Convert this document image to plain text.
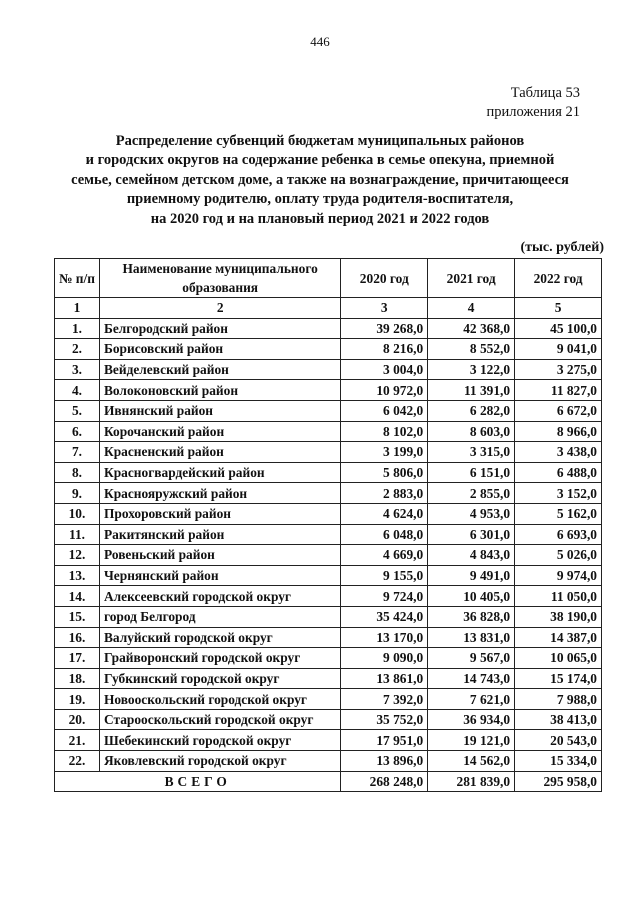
446
Таблица 53
приложения 21
Распределение субвенций бюджетам муниципальных районов
и городских округов на содержание ребенка в семье опекуна, приемной
семье, семейном детском доме, а также на вознаграждение, причитающееся
приемному родителю, оплату труда родителя-воспитателя,
на 2020 год и на плановый период 2021 и 2022 годов
(тыс. рублей)
№ п/п	Наименование муниципального образования	2020 год	2021 год	2022 год
1	2	3	4	5
1.	Белгородский район	39 268,0	42 368,0	45 100,0
2.	Борисовский район	8 216,0	8 552,0	9 041,0
3.	Вейделевский район	3 004,0	3 122,0	3 275,0
4.	Волоконовский район	10 972,0	11 391,0	11 827,0
5.	Ивнянский район	6 042,0	6 282,0	6 672,0
6.	Корочанский район	8 102,0	8 603,0	8 966,0
7.	Красненский район	3 199,0	3 315,0	3 438,0
8.	Красногвардейский район	5 806,0	6 151,0	6 488,0
9.	Краснояружский район	2 883,0	2 855,0	3 152,0
10.	Прохоровский район	4 624,0	4 953,0	5 162,0
11.	Ракитянский район	6 048,0	6 301,0	6 693,0
12.	Ровеньский район	4 669,0	4 843,0	5 026,0
13.	Чернянский район	9 155,0	9 491,0	9 974,0
14.	Алексеевский городской округ	9 724,0	10 405,0	11 050,0
15.	город Белгород	35 424,0	36 828,0	38 190,0
16.	Валуйский городской округ	13 170,0	13 831,0	14 387,0
17.	Грайворонский городской округ	9 090,0	9 567,0	10 065,0
18.	Губкинский городской округ	13 861,0	14 743,0	15 174,0
19.	Новооскольский городской округ	7 392,0	7 621,0	7 988,0
20.	Старооскольский городской округ	35 752,0	36 934,0	38 413,0
21.	Шебекинский городской округ	17 951,0	19 121,0	20 543,0
22.	Яковлевский городской округ	13 896,0	14 562,0	15 334,0
ВСЕГО		268 248,0	281 839,0	295 958,0
